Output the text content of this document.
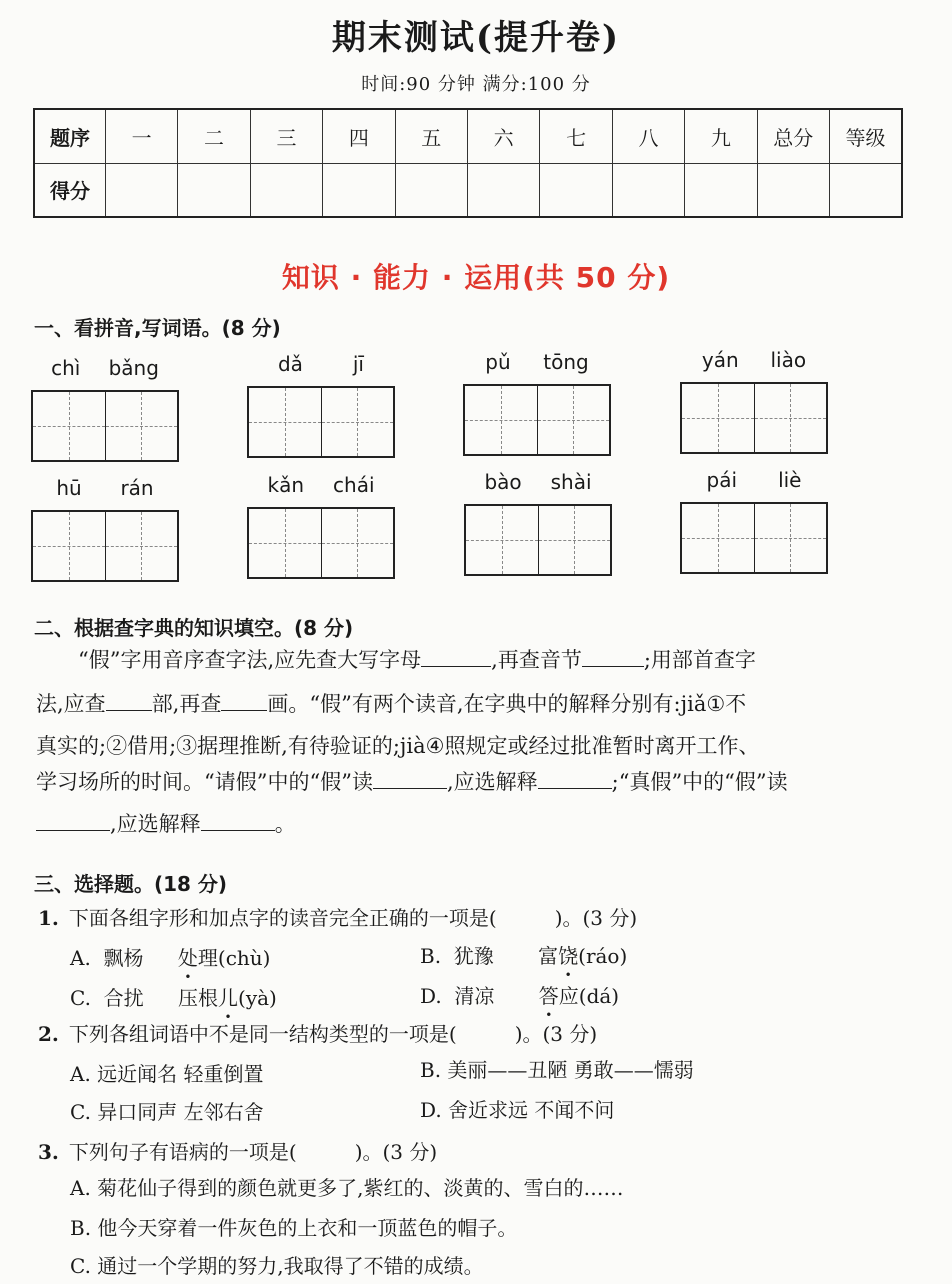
期末测试(提升卷)
时间:90 分钟 满分:100 分
题序	一	二	三	四	五	六	七	八	九	总分	等级
得分											
知识 · 能力 · 运用(共 50 分)
一、看拼音,写词语。(8 分)
chì bǎng	dǎ jī	pǔ tōng	yán liào
hū rán	kǎn chái	bào shài	pái liè
二、根据查字典的知识填空。(8 分)
“假”字用音序查字法,应先查大写字母	,再查音节	;用部首查字
法,应查 部,再查 画。“假”有两个读音,在字典中的解释分别有:jiǎ①不
真实的;②借用;③据理推断,有待验证的;jià④照规定或经过批准暂时离开工作、
学习场所的时间。“请假”中的“假”读	,应选解释	;“真假”中的“假”读
,应选解释	。
三、选择题。(18 分)
1. 下面各组字形和加点字的读音完全正确的一项是(	)。(3 分)
A. 飘杨 处理(chù)	B. 犹豫 富饶(ráo)
C. 合扰 压根儿(yà)	D. 清凉 答应(dá)
2. 下列各组词语中不是同一结构类型的一项是(	)。(3 分)
A. 远近闻名 轻重倒置	B. 美丽——丑陋 勇敢——懦弱
C. 异口同声 左邻右舍	D. 舍近求远 不闻不问
3. 下列句子有语病的一项是(	)。(3 分)
A. 菊花仙子得到的颜色就更多了,紫红的、淡黄的、雪白的……
B. 他今天穿着一件灰色的上衣和一顶蓝色的帽子。
C. 通过一个学期的努力,我取得了不错的成绩。
